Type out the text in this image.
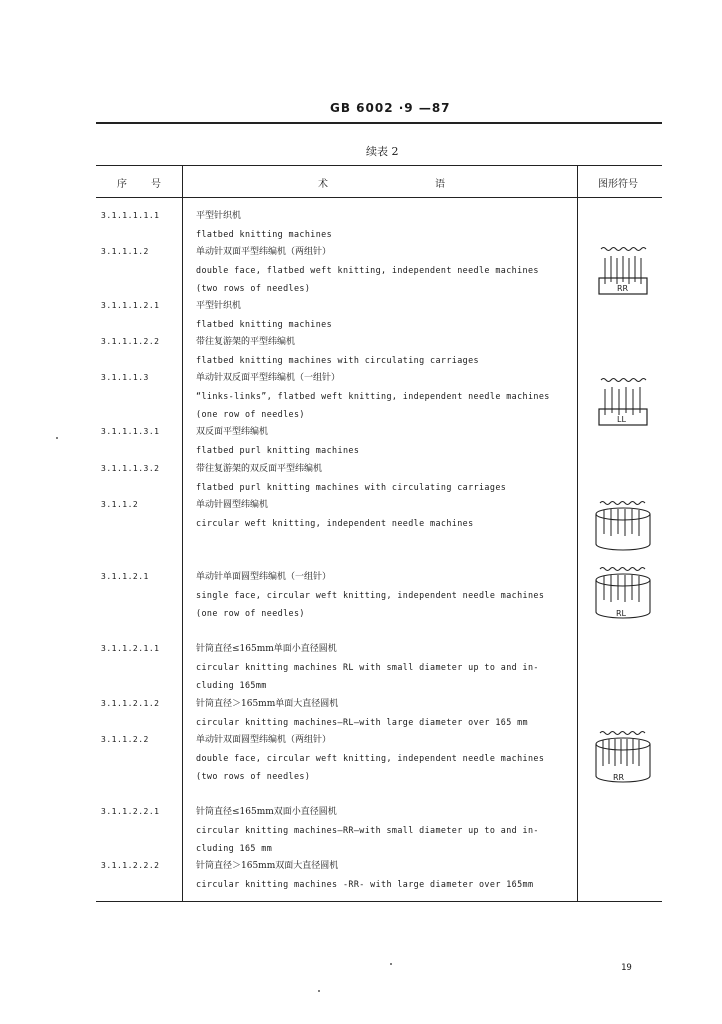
GB 6002 ·9 —87
续表 2
序 号	术	语	图形符号
3.1.1.1.1.1	平型针织机
flatbed knitting machines
3.1.1.1.2	单动针双面平型纬编机（两组针）
double face, flatbed weft knitting, independent needle machines
(two rows of needles)
3.1.1.1.2.1	平型针织机
flatbed knitting machines
3.1.1.1.2.2	带往复游架的平型纬编机
flatbed knitting machines with circulating carriages
3.1.1.1.3	单动针双反面平型纬编机（一组针）
“links-links”, flatbed weft knitting, independent needle machines
(one row of needles)
3.1.1.1.3.1	双反面平型纬编机
flatbed purl knitting machines
3.1.1.1.3.2	带往复游架的双反面平型纬编机
flatbed purl knitting machines with circulating carriages
3.1.1.2	单动针圆型纬编机
circular weft knitting, independent needle machines
3.1.1.2.1	单动针单面圆型纬编机（一组针）
single face, circular weft knitting, independent needle machines
(one row of needles)
3.1.1.2.1.1	针筒直径≤165mm单面小直径圆机
circular knitting machines RL with small diameter up to and in-
cluding 165mm
3.1.1.2.1.2	针筒直径＞165mm单面大直径圆机
circular knitting machines—RL—with large diameter over 165 mm
3.1.1.2.2	单动针双面圆型纬编机（两组针）
double face, circular weft knitting, independent needle machines
(two rows of needles)
3.1.1.2.2.1	针筒直径≤165mm双面小直径圆机
circular knitting machines—RR—with small diameter up to and in-
cluding 165 mm
3.1.1.2.2.2	针筒直径＞165mm双面大直径圆机
circular knitting machines -RR- with large diameter over 165mm
RR
LL
RL
RR
19
